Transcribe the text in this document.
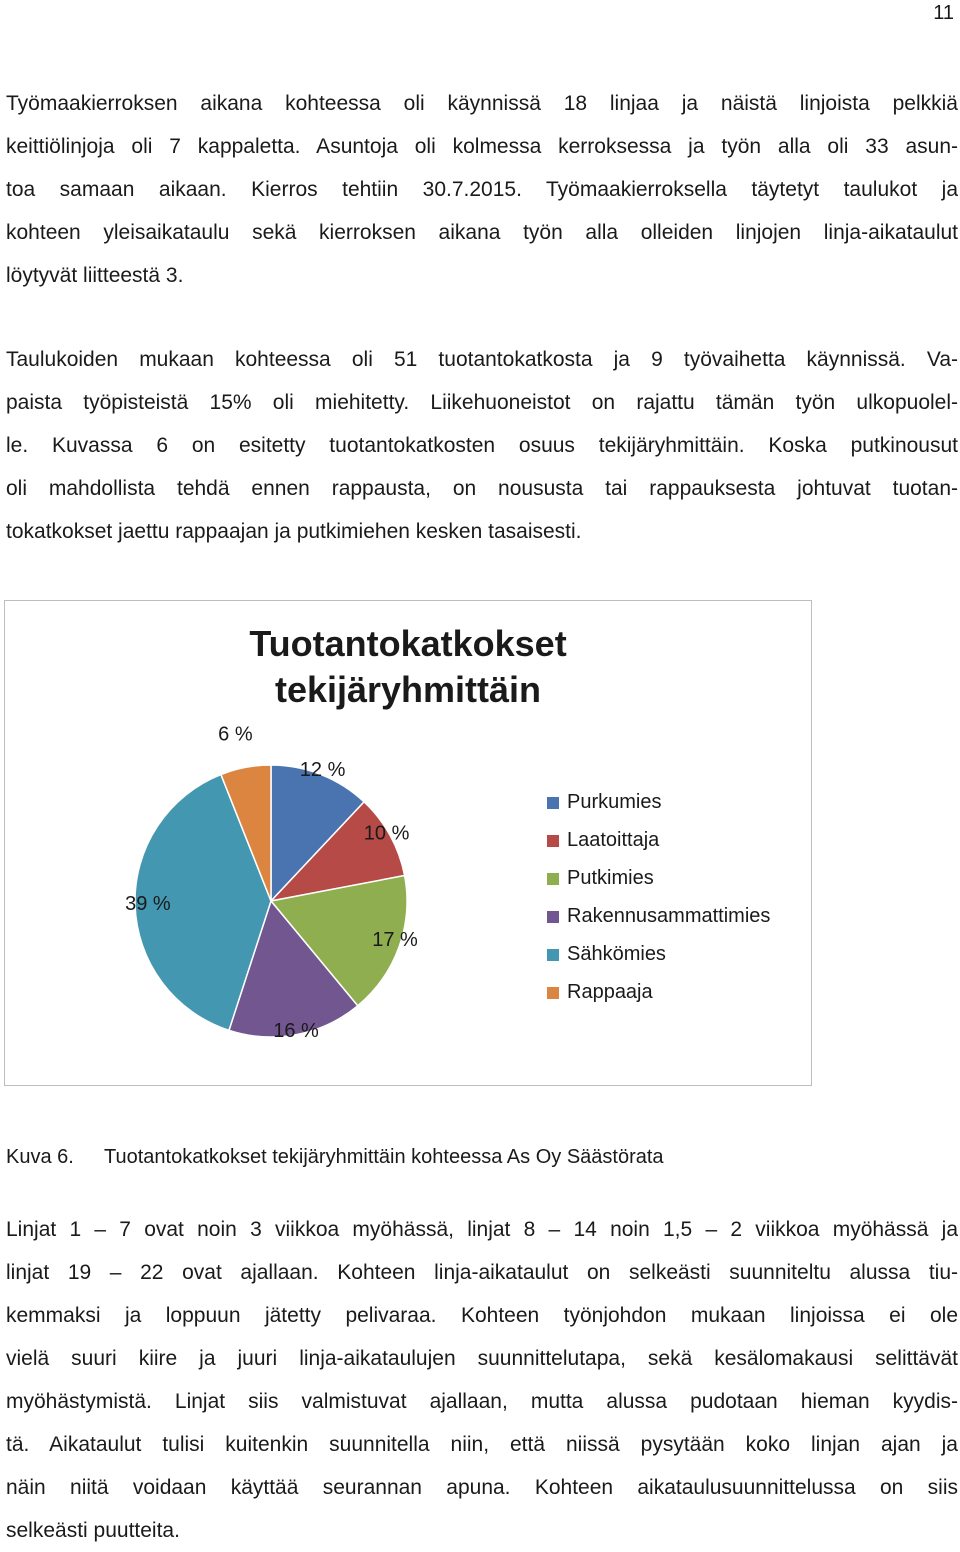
11
Työmaakierroksen aikana kohteessa oli käynnissä 18 linjaa ja näistä linjoista pelkkiä
keittiölinjoja oli 7 kappaletta. Asuntoja oli kolmessa kerroksessa ja työn alla oli 33 asun-
toa samaan aikaan. Kierros tehtiin 30.7.2015. Työmaakierroksella täytetyt taulukot ja
kohteen yleisaikataulu sekä kierroksen aikana työn alla olleiden linjojen linja-aikataulut
löytyvät liitteestä 3.
Taulukoiden mukaan kohteessa oli 51 tuotantokatkosta ja 9 työvaihetta käynnissä. Va-
paista työpisteistä 15% oli miehitetty. Liikehuoneistot on rajattu tämän työn ulkopuolel-
le. Kuvassa 6 on esitetty tuotantokatkosten osuus tekijäryhmittäin. Koska putkinousut
oli mahdollista tehdä ennen rappausta, on noususta tai rappauksesta johtuvat tuotan-
tokatkokset jaettu rappaajan ja putkimiehen kesken tasaisesti.
Tuotantokatkokset
tekijäryhmittäin
12 %
10 %
17 %
16 %
39 %
6 %
Purkumies
Laatoittaja
Putkimies
Rakennusammattimies
Sähkömies
Rappaaja
Kuva 6. Tuotantokatkokset tekijäryhmittäin kohteessa As Oy Säästörata
Linjat 1 – 7 ovat noin 3 viikkoa myöhässä, linjat 8 – 14 noin 1,5 – 2 viikkoa myöhässä ja
linjat 19 – 22 ovat ajallaan. Kohteen linja-aikataulut on selkeästi suunniteltu alussa tiu-
kemmaksi ja loppuun jätetty pelivaraa. Kohteen työnjohdon mukaan linjoissa ei ole
vielä suuri kiire ja juuri linja-aikataulujen suunnittelutapa, sekä kesälomakausi selittävät
myöhästymistä. Linjat siis valmistuvat ajallaan, mutta alussa pudotaan hieman kyydis-
tä. Aikataulut tulisi kuitenkin suunnitella niin, että niissä pysytään koko linjan ajan ja
näin niitä voidaan käyttää seurannan apuna. Kohteen aikataulusuunnittelussa on siis
selkeästi puutteita.
